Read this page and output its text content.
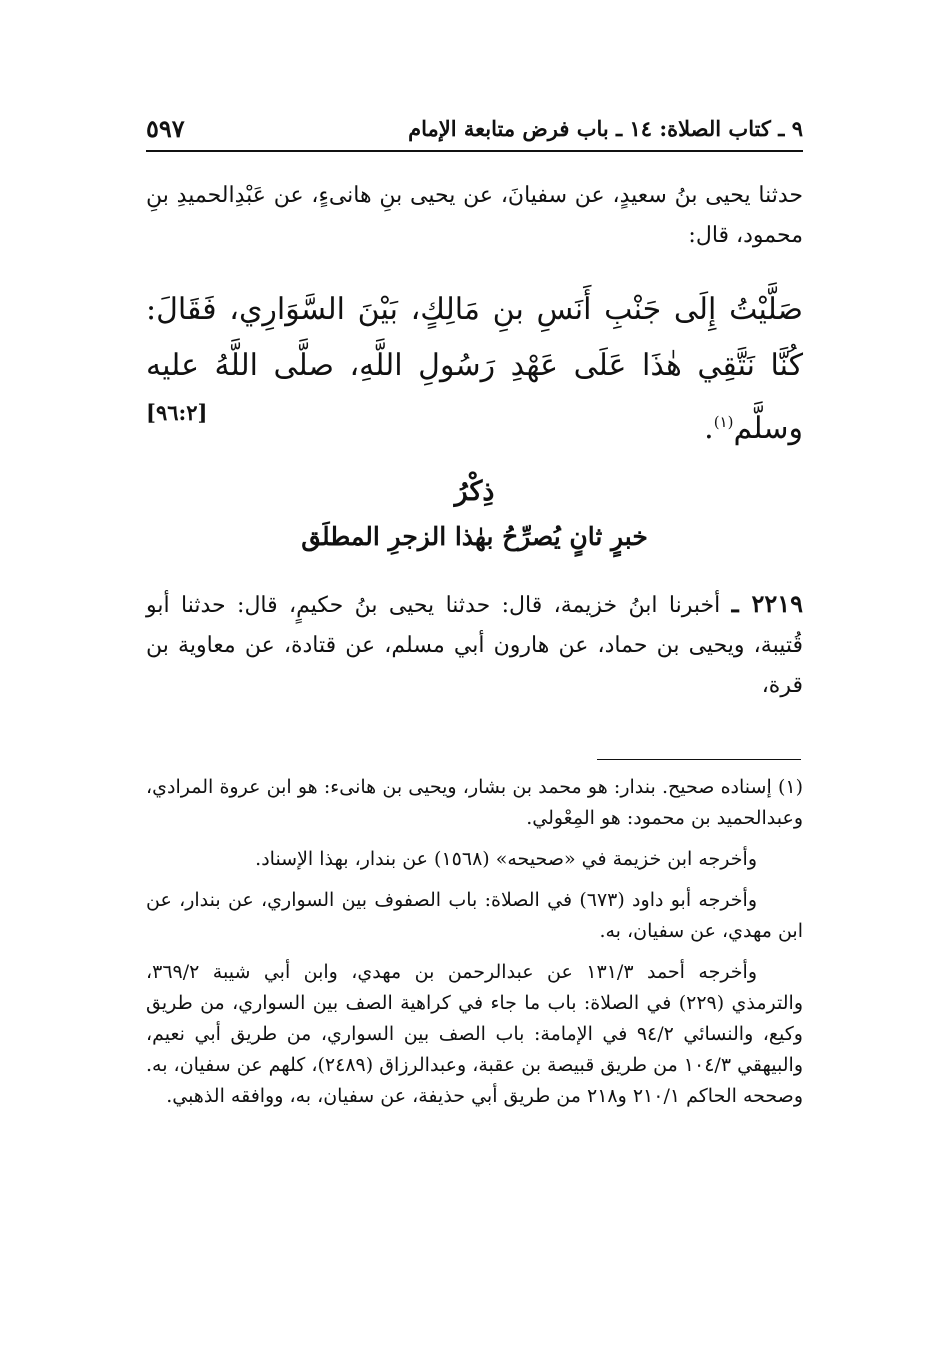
٩ ـ كتاب الصلاة: ١٤ ـ باب فرض متابعة الإمام
٥٩٧
حدثنا يحيى بنُ سعيدٍ، عن سفيانَ، عن يحيى بنِ هانىءٍ، عن عَبْدِالحميدِ بنِ محمود، قال:
صَلَّيْتُ إِلَى جَنْبِ أَنَسِ بنِ مَالِكٍ، بَيْنَ السَّوَارِي، فَقَالَ: كُنَّا نَتَّقِي هٰذَا عَلَى عَهْدِ رَسُولِ اللَّهِ، صلَّى اللَّهُ عليه وسلَّم$^{(١)}$.
[٩٦:٢]
ذِكْرُ
خبرٍ ثانٍ يُصرِّحُ بهٰذا الزجرِ المطلَق
٢٢١٩ ـ أخبرنا ابنُ خزيمة، قال: حدثنا يحيى بنُ حكيمٍ، قال: حدثنا أبو قُتيبة، ويحيى بن حماد، عن هارون أبي مسلم، عن قتادة، عن معاوية بن قرة،

(١) إسناده صحيح. بندار: هو محمد بن بشار، ويحيى بن هانىء: هو ابن عروة المرادي، وعبدالحميد بن محمود: هو المِعْولي.

وأخرجه ابن خزيمة في «صحيحه» (١٥٦٨) عن بندار، بهذا الإسناد.

وأخرجه أبو داود (٦٧٣) في الصلاة: باب الصفوف بين السواري، عن بندار، عن ابن مهدي، عن سفيان، به.

وأخرجه أحمد ١٣١/٣ عن عبدالرحمن بن مهدي، وابن أبي شيبة ٣٦٩/٢، والترمذي (٢٢٩) في الصلاة: باب ما جاء في كراهية الصف بين السواري، من طريق وكيع، والنسائي ٩٤/٢ في الإمامة: باب الصف بين السواري، من طريق أبي نعيم، والبيهقي ١٠٤/٣ من طريق قبيصة بن عقبة، وعبدالرزاق (٢٤٨٩)، كلهم عن سفيان، به. وصححه الحاكم ٢١٠/١ و٢١٨ من طريق أبي حذيفة، عن سفيان، به، ووافقه الذهبي.
